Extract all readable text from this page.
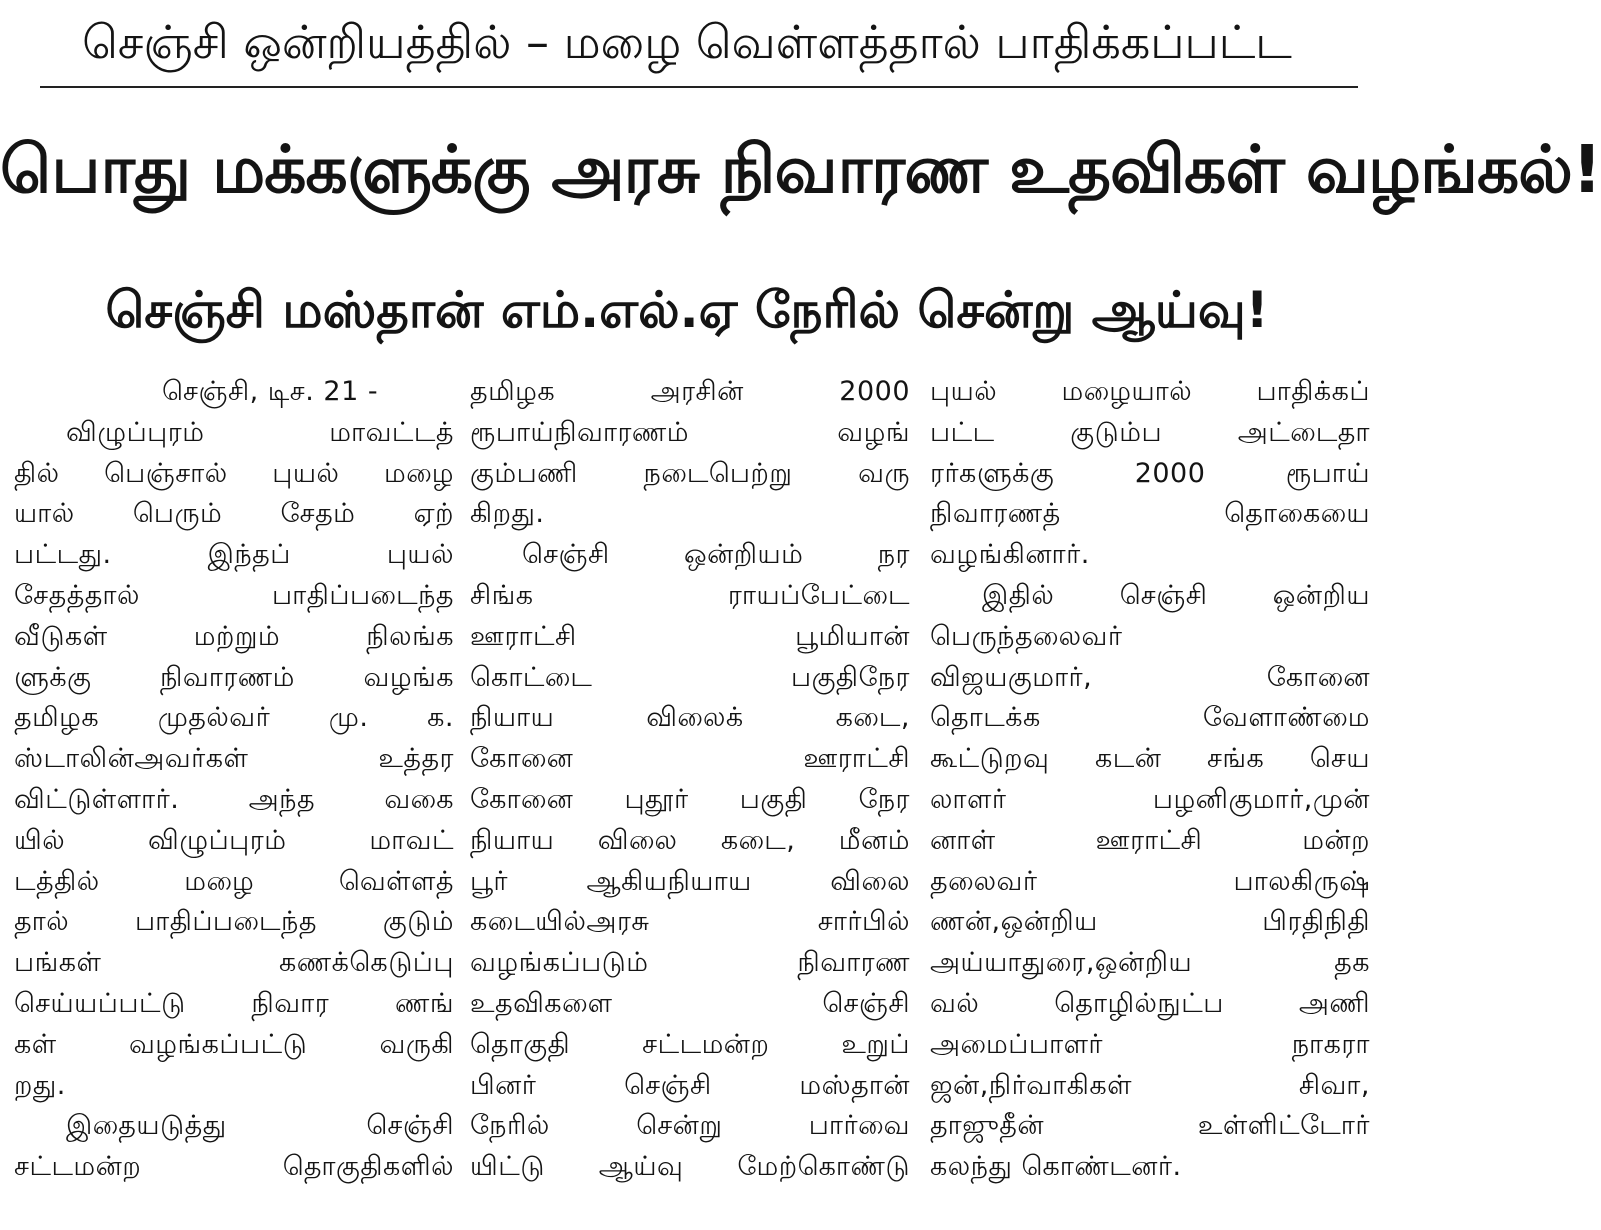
செஞ்சி ஒன்றியத்தில் – மழை வெள்ளத்தால் பாதிக்கப்பட்ட
பொது மக்களுக்கு அரசு நிவாரண உதவிகள் வழங்கல்!
செஞ்சி மஸ்தான் எம்.எல்.ஏ நேரில் சென்று ஆய்வு!
செஞ்சி, டிச. 21 -
விழுப்புரம் மாவட்டத்
தில் பெஞ்சால் புயல் மழை
யால் பெரும் சேதம் ஏற்
பட்டது. இந்தப் புயல்
சேதத்தால் பாதிப்படைந்த
வீடுகள் மற்றும் நிலங்க
ளுக்கு நிவாரணம் வழங்க
தமிழக முதல்வர் மு. க.
ஸ்டாலின்அவர்கள் உத்தர
விட்டுள்ளார். அந்த வகை
யில் விழுப்புரம் மாவட்
டத்தில் மழை வெள்ளத்
தால் பாதிப்படைந்த குடும்
பங்கள் கணக்கெடுப்பு
செய்யப்பட்டு நிவார ணங்
கள் வழங்கப்பட்டு வருகி
றது.
இதையடுத்து செஞ்சி
சட்டமன்ற தொகுதிகளில்
தமிழக அரசின் 2000
ரூபாய்நிவாரணம் வழங்
கும்பணி நடைபெற்று வரு
கிறது.
செஞ்சி ஒன்றியம் நர
சிங்க ராயப்பேட்டை
ஊராட்சி பூமியான்
கொட்டை பகுதிநேர
நியாய விலைக் கடை,
கோனை ஊராட்சி
கோனை புதூர் பகுதி நேர
நியாய விலை கடை, மீனம்
பூர் ஆகியநியாய விலை
கடையில்அரசு சார்பில்
வழங்கப்படும் நிவாரண
உதவிகளை செஞ்சி
தொகுதி சட்டமன்ற உறுப்
பினர் செஞ்சி மஸ்தான்
நேரில் சென்று பார்வை
யிட்டு ஆய்வு மேற்கொண்டு
புயல் மழையால் பாதிக்கப்
பட்ட குடும்ப அட்டைதா
ரர்களுக்கு 2000 ரூபாய்
நிவாரணத் தொகையை
வழங்கினார்.
இதில் செஞ்சி ஒன்றிய
பெருந்தலைவர்
விஜயகுமார், கோனை
தொடக்க வேளாண்மை
கூட்டுறவு கடன் சங்க செய
லாளர் பழனிகுமார்,முன்
னாள் ஊராட்சி மன்ற
தலைவர் பாலகிருஷ்
ணன்,ஒன்றிய பிரதிநிதி
அய்யாதுரை,ஒன்றிய தக
வல் தொழில்நுட்ப அணி
அமைப்பாளர் நாகரா
ஜன்,நிர்வாகிகள் சிவா,
தாஜுதீன் உள்ளிட்டோர்
கலந்து கொண்டனர்.
